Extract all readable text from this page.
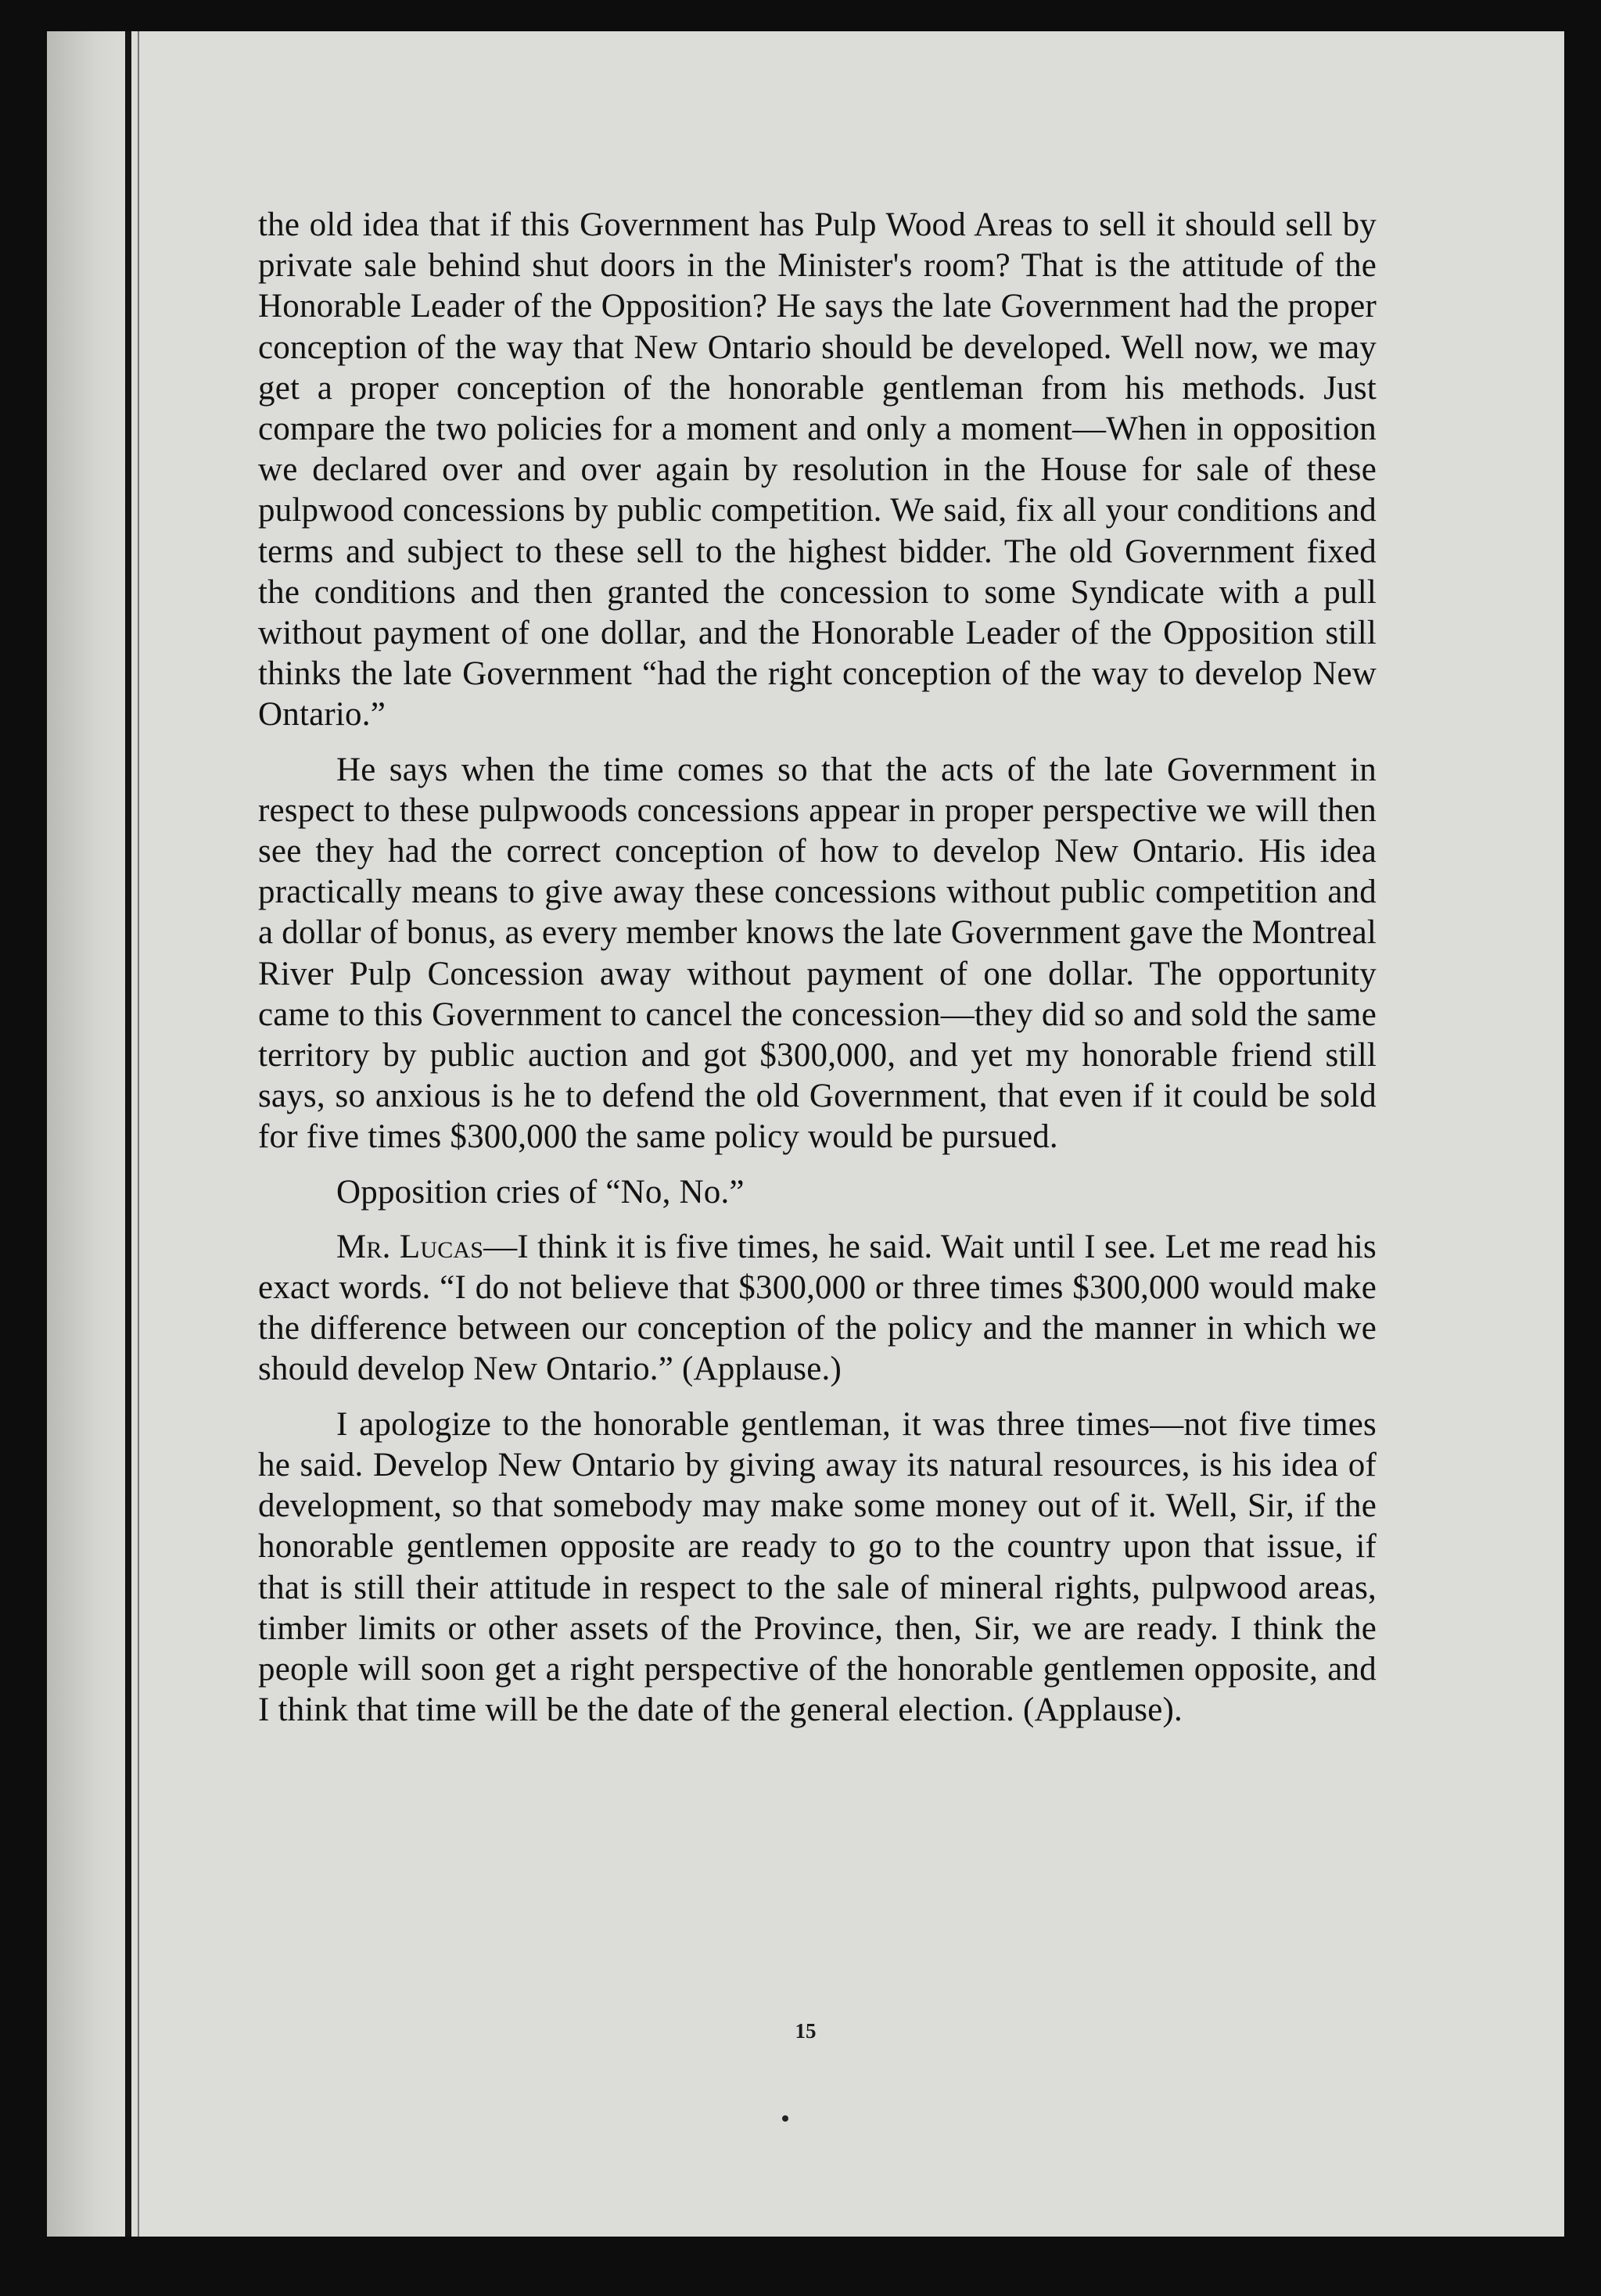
the old idea that if this Government has Pulp Wood Areas to sell it should sell by private sale behind shut doors in the Minister's room? That is the attitude of the Honorable Leader of the Opposition? He says the late Government had the proper conception of the way that New Ontario should be developed. Well now, we may get a proper conception of the honorable gentleman from his methods. Just compare the two policies for a moment and only a moment—When in opposition we declared over and over again by resolution in the House for sale of these pulpwood concessions by public competition. We said, fix all your conditions and terms and subject to these sell to the highest bidder. The old Government fixed the conditions and then granted the concession to some Syndicate with a pull without payment of one dollar, and the Honorable Leader of the Opposition still thinks the late Government “had the right conception of the way to develop New Ontario.”

He says when the time comes so that the acts of the late Government in respect to these pulpwoods concessions appear in proper perspective we will then see they had the correct conception of how to develop New Ontario. His idea practically means to give away these concessions without public competition and a dollar of bonus, as every member knows the late Government gave the Montreal River Pulp Concession away without payment of one dollar. The opportunity came to this Government to cancel the concession—they did so and sold the same territory by public auction and got $300,000, and yet my honorable friend still says, so anxious is he to defend the old Government, that even if it could be sold for five times $300,000 the same policy would be pursued.

Opposition cries of “No, No.”

Mr. Lucas—I think it is five times, he said. Wait until I see. Let me read his exact words. “I do not believe that $300,000 or three times $300,000 would make the difference between our conception of the policy and the manner in which we should develop New Ontario.” (Applause.)

I apologize to the honorable gentleman, it was three times—not five times he said. Develop New Ontario by giving away its natural resources, is his idea of development, so that somebody may make some money out of it. Well, Sir, if the honorable gentlemen opposite are ready to go to the country upon that issue, if that is still their attitude in respect to the sale of mineral rights, pulpwood areas, timber limits or other assets of the Province, then, Sir, we are ready. I think the people will soon get a right perspective of the honorable gentlemen opposite, and I think that time will be the date of the general election. (Applause).

15
